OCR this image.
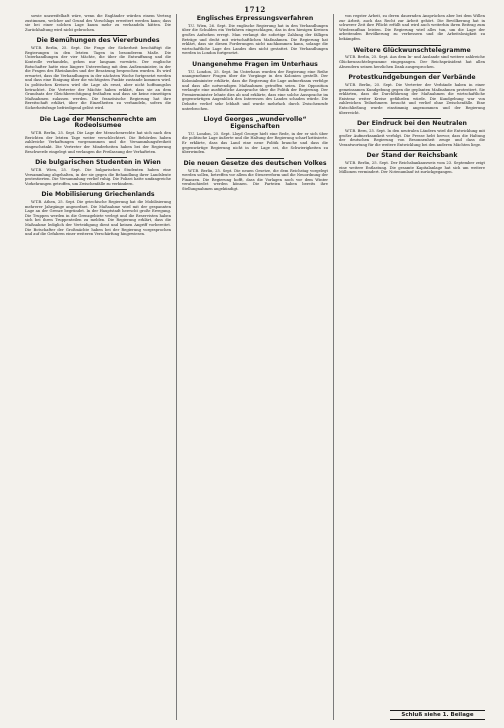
1712

sowie unzweifelhaft wäre, wenn die Engländer würden einem Vertrag zustimmen, welcher auf Grund des Vorschlags erweitert werden kann; dass sie bei einer solchen Lage kaum mehr zu verhandeln hätten. Die Zurückhaltung wird nicht gebrochen.

Die Bemühungen des Viererbundes

W.T.B. Berlin, 25. Sept. Die Frage der Sicherheit beschäftigt die Regierungen in den letzten Tagen in besonderem Maße. Die Unterhandlungen der vier Mächte, die über die Entwaffnung und die Kontrolle verhandeln, gehen nur langsam vorwärts. Der englische Botschafter hatte eine längere Unterredung mit dem Außenminister, in der die Fragen des Rheinlandes und der Besatzung besprochen wurden. Es wird erwartet, dass die Verhandlungen in der nächsten Woche fortgesetzt werden und dass eine Einigung über die wichtigsten Punkte zustande kommen wird. In politischen Kreisen wird die Lage als ernst, aber nicht hoffnungslos betrachtet. Die Vertreter der Mächte haben erklärt, dass sie an dem Grundsatz der Gleichberechtigung festhalten und dass sie keine einseitigen Maßnahmen zulassen werden. Die französische Regierung hat ihre Bereitschaft erklärt, über die Einzelheiten zu verhandeln, sofern die Sicherheitsfrage befriedigend gelöst wird.

Die Lage der Menschenrechte am Rodeolsumee

W.T.B. Berlin, 25. Sept. Die Lage der Menschenrechte hat sich nach den Berichten der letzten Tage weiter verschlechtert. Die Behörden haben zahlreiche Verhaftungen vorgenommen und die Versammlungsfreiheit eingeschränkt. Die Vertreter der Minderheiten haben bei der Regierung Beschwerde eingelegt und verlangen die Freilassung der Verhafteten.

Die bulgarischen Studenten in Wien

W.T.B. Wien, 25. Sept. Die bulgarischen Studenten haben eine Versammlung abgehalten, in der sie gegen die Behandlung ihrer Landsleute protestierten. Die Versammlung verlief ruhig. Die Polizei hatte umfangreiche Vorkehrungen getroffen, um Zwischenfälle zu verhindern.

Die Mobilisierung Griechenlands

W.T.B. Athen, 25. Sept. Die griechische Regierung hat die Mobilisierung mehrerer Jahrgänge angeordnet. Die Maßnahme wird mit der gespannten Lage an der Grenze begründet. In der Hauptstadt herrscht große Erregung. Die Truppen werden in die Grenzgebiete verlegt und die Reservisten haben sich bei ihren Truppenteilen zu melden. Die Regierung erklärt, dass die Maßnahme lediglich der Verteidigung dient und keinen Angriff vorbereitet. Die Botschafter der Großmächte haben bei der Regierung vorgesprochen und auf die Gefahren einer weiteren Verschärfung hingewiesen.

Englisches Erpressungsverfahren

T.U. Wien, 26. Sept. Die englische Regierung hat in den Verhandlungen über die Schulden ein Verfahren eingeschlagen, das in den hiesigen Kreisen großes Aufsehen erregt. Man verlangt die sofortige Zahlung der fälligen Beträge und droht mit wirtschaftlichen Maßnahmen. Die Regierung hat erklärt, dass sie diesen Forderungen nicht nachkommen kann, solange die wirtschaftliche Lage des Landes dies nicht gestattet. Die Verhandlungen werden in London fortgesetzt.

Unangenehme Fragen im Unterhaus

T.U. London, 25. Sept. Im Unterhaus wurden der Regierung eine Reihe unangenehmer Fragen über die Vorgänge in den Kolonien gestellt. Der Kolonialminister erklärte, dass die Regierung die Lage aufmerksam verfolge und dass alle notwendigen Maßnahmen getroffen seien. Die Opposition verlangte eine ausführliche Aussprache über die Politik der Regierung. Der Premierminister lehnte dies ab und erklärte, dass eine solche Aussprache im gegenwärtigen Augenblick den Interessen des Landes schaden würde. Die Debatte verlief sehr lebhaft und wurde mehrfach durch Zwischenrufe unterbrochen.

Lloyd Georges „wundervolle“ Eigenschaften

T.U. London, 25. Sept. Lloyd George hielt eine Rede, in der er sich über die politische Lage äußerte und die Haltung der Regierung scharf kritisierte. Er erklärte, dass das Land eine neue Politik brauche und dass die gegenwärtige Regierung nicht in der Lage sei, die Schwierigkeiten zu überwinden.

Die neuen Gesetze des deutschen Volkes

W.T.B. Berlin, 25. Sept. Die neuen Gesetze, die dem Reichstag vorgelegt werden sollen, betreffen vor allem die Steuerreform und die Neuordnung der Finanzen. Die Regierung hofft, dass die Vorlagen noch vor dem Winter verabschiedet werden können. Die Parteien haben bereits ihre Stellungnahmen angekündigt.

von regster Arbeit, zu deren dauernden Ansprüchen aber bei dem Willen zur Arbeit, auch das Recht zur Arbeit gehört. Die Bevölkerung hat in schwerer Zeit ihre Pflicht erfüllt und wird auch weiterhin ihren Beitrag zum Wiederaufbau leisten. Die Regierung wird alles tun, um die Lage der arbeitenden Bevölkerung zu verbessern und die Arbeitslosigkeit zu bekämpfen.

Weitere Glückwunschtelegramme

W.T.B. Berlin, 25. Sept. Aus dem In- und Auslande sind weitere zahlreiche Glückwunschtelegramme eingegangen. Der Reichspräsident hat allen Absendern seinen herzlichen Dank ausgesprochen.

Protestkundgebungen der Verbände

W.T.B. Berlin, 25. Sept. Die Vertreter der Verbände haben in einer gemeinsamen Kundgebung gegen die geplanten Maßnahmen protestiert. Sie erklärten, dass die Durchführung der Maßnahmen die wirtschaftliche Existenz weiter Kreise gefährden würde. Die Kundgebung war von zahlreichen Teilnehmern besucht und verlief ohne Zwischenfälle. Eine Entschließung wurde einstimmig angenommen und der Regierung überreicht.

Der Eindruck bei den Neutralen

W.T.B. Bern, 25. Sept. In den neutralen Ländern wird die Entwicklung mit großer Aufmerksamkeit verfolgt. Die Presse hebt hervor, dass die Haltung der deutschen Regierung von Besonnenheit zeuge und dass die Verantwortung für die weitere Entwicklung bei den anderen Mächten liege.

Der Stand der Reichsbank

W.T.B. Berlin, 25. Sept. Der Reichsbankausweis vom 23. September zeigt eine weitere Entlastung. Die gesamte Kapitalanlage hat sich um weitere Millionen vermindert. Der Notenumlauf ist zurückgegangen.

Schluß siehe 1. Beilage
